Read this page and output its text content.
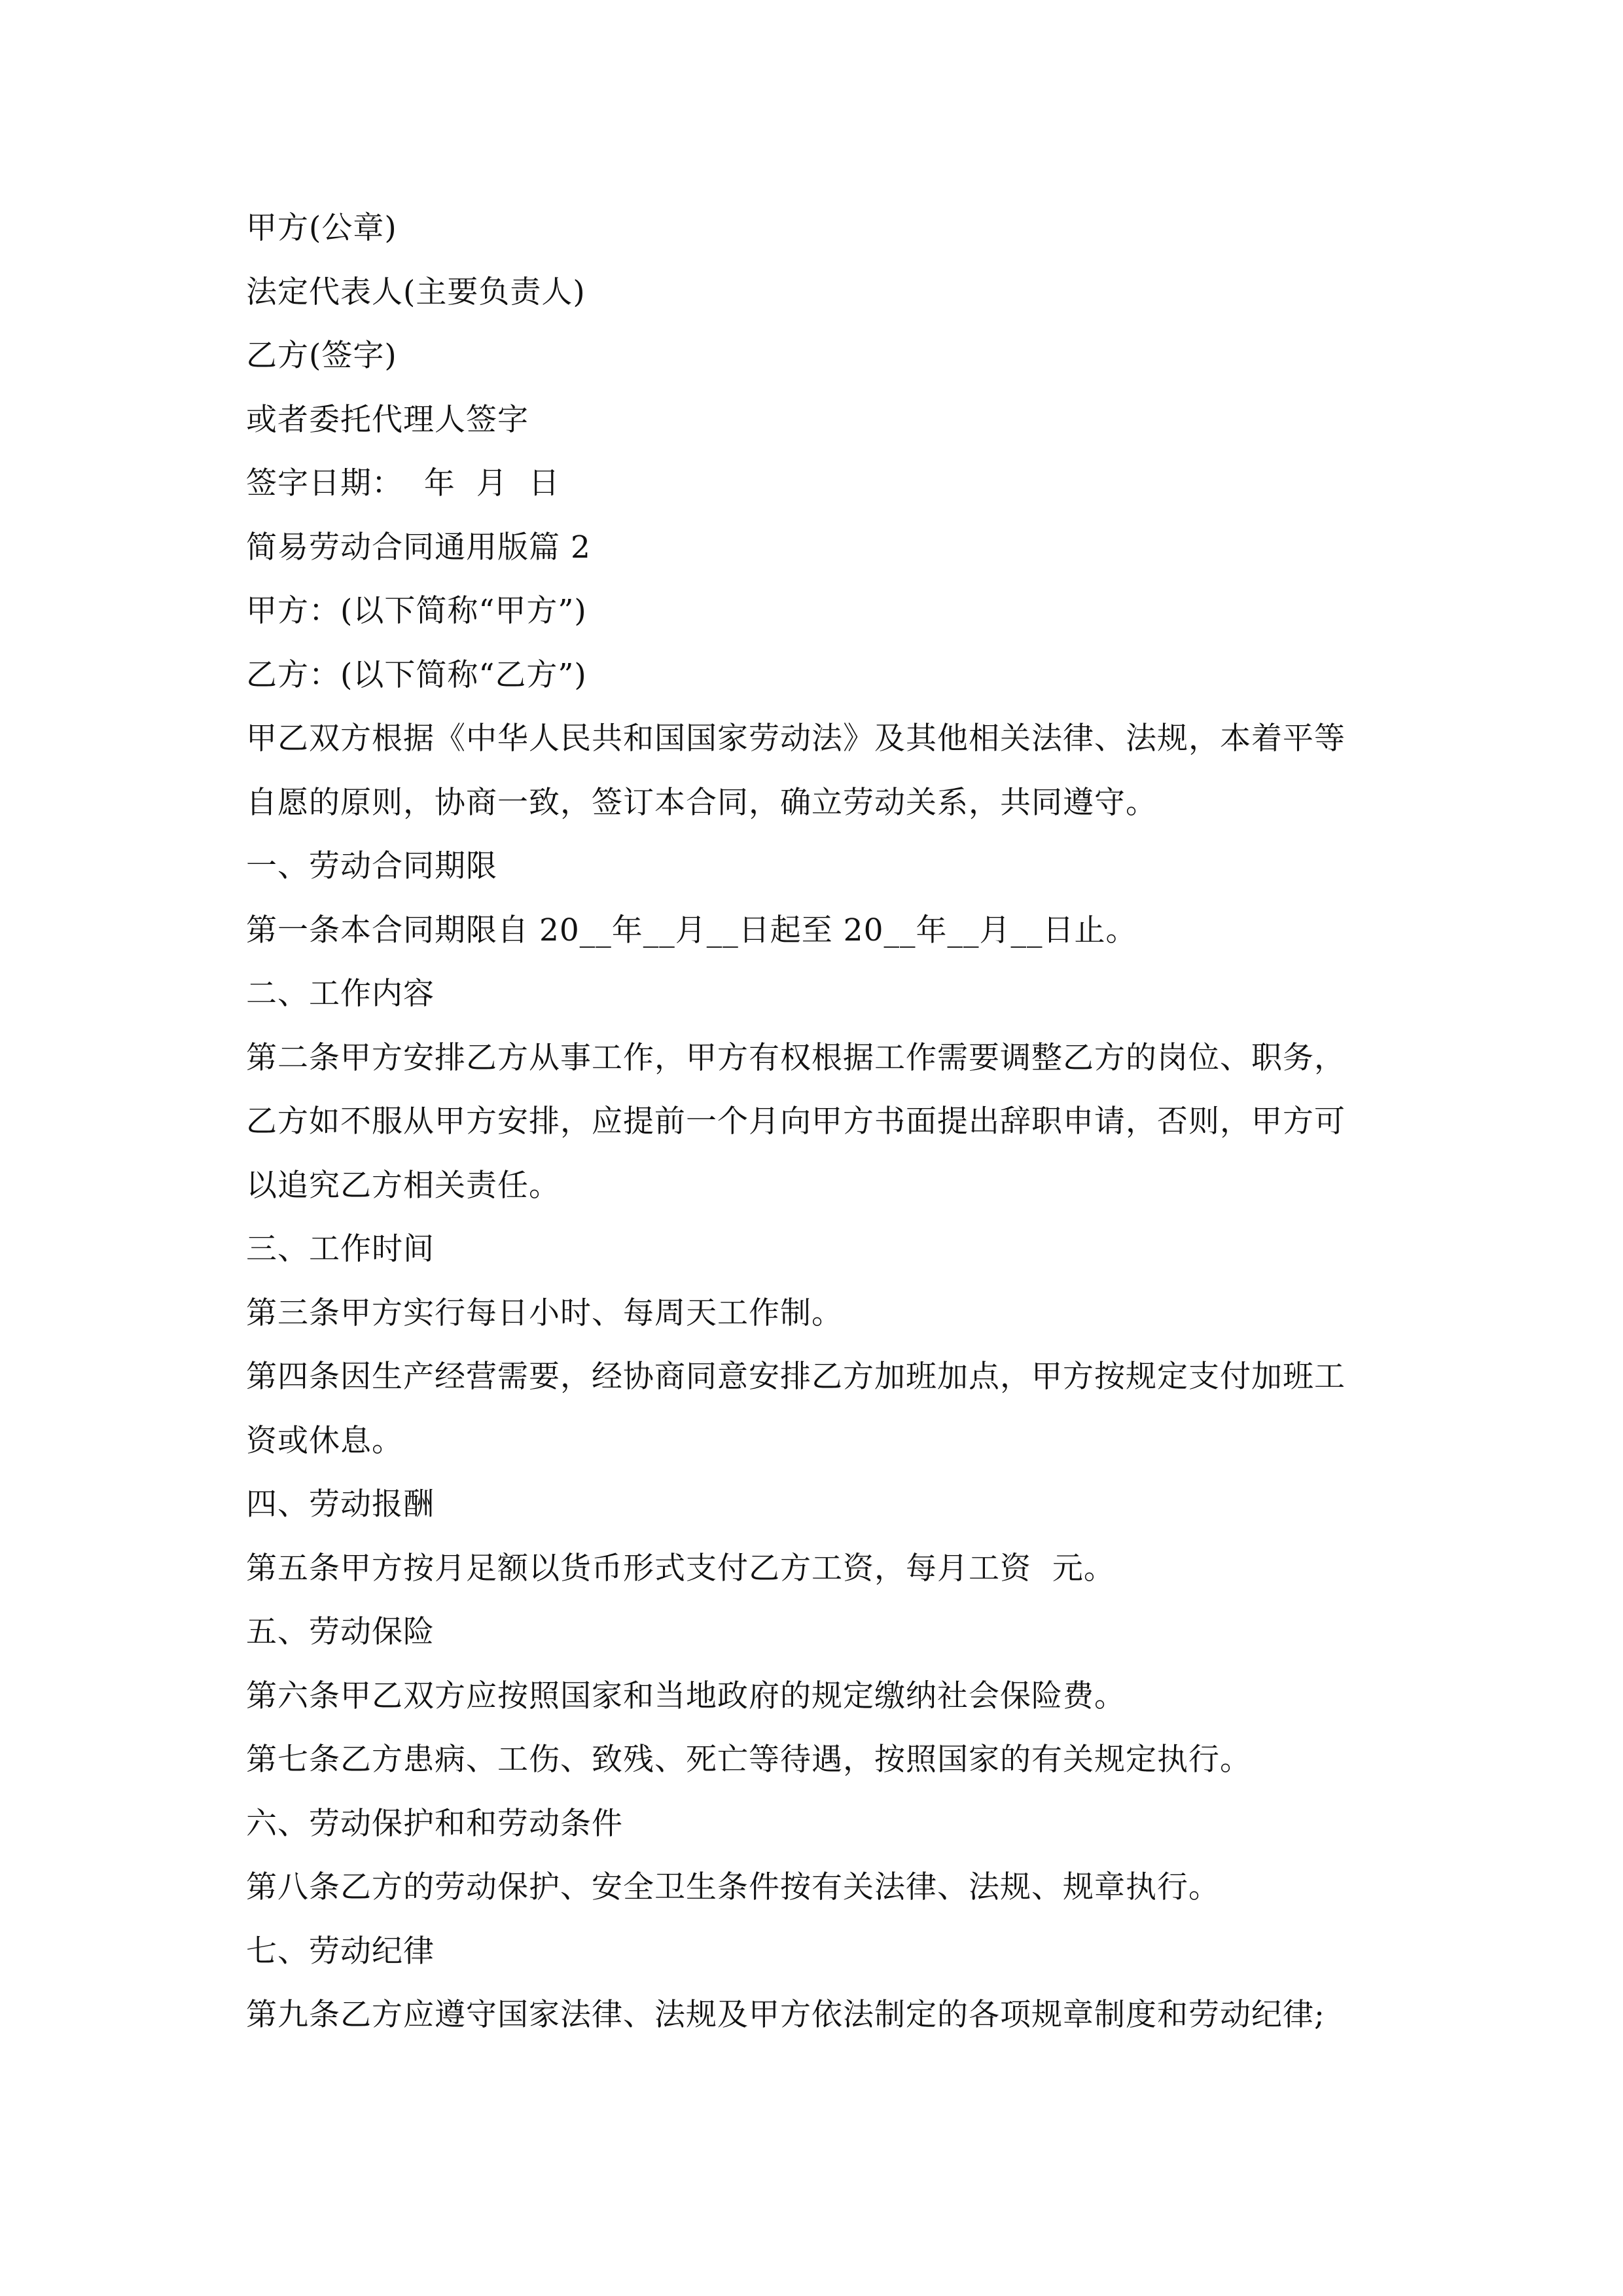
甲方(公章)
法定代表人(主要负责人)
乙方(签字)
或者委托代理人签字
签字日期：  年  月  日
简易劳动合同通用版篇 2
甲方：(以下简称“甲方”)
乙方：(以下简称“乙方”)
甲乙双方根据《中华人民共和国国家劳动法》及其他相关法律、法规，本着平等
自愿的原则，协商一致，签订本合同，确立劳动关系，共同遵守。
一、劳动合同期限
第一条本合同期限自 20__年__月__日起至 20__年__月__日止。
二、工作内容
第二条甲方安排乙方从事工作，甲方有权根据工作需要调整乙方的岗位、职务，
乙方如不服从甲方安排，应提前一个月向甲方书面提出辞职申请，否则，甲方可
以追究乙方相关责任。
三、工作时间
第三条甲方实行每日小时、每周天工作制。
第四条因生产经营需要，经协商同意安排乙方加班加点，甲方按规定支付加班工
资或休息。
四、劳动报酬
第五条甲方按月足额以货币形式支付乙方工资，每月工资  元。
五、劳动保险
第六条甲乙双方应按照国家和当地政府的规定缴纳社会保险费。
第七条乙方患病、工伤、致残、死亡等待遇，按照国家的有关规定执行。
六、劳动保护和和劳动条件
第八条乙方的劳动保护、安全卫生条件按有关法律、法规、规章执行。
七、劳动纪律
第九条乙方应遵守国家法律、法规及甲方依法制定的各项规章制度和劳动纪律;
